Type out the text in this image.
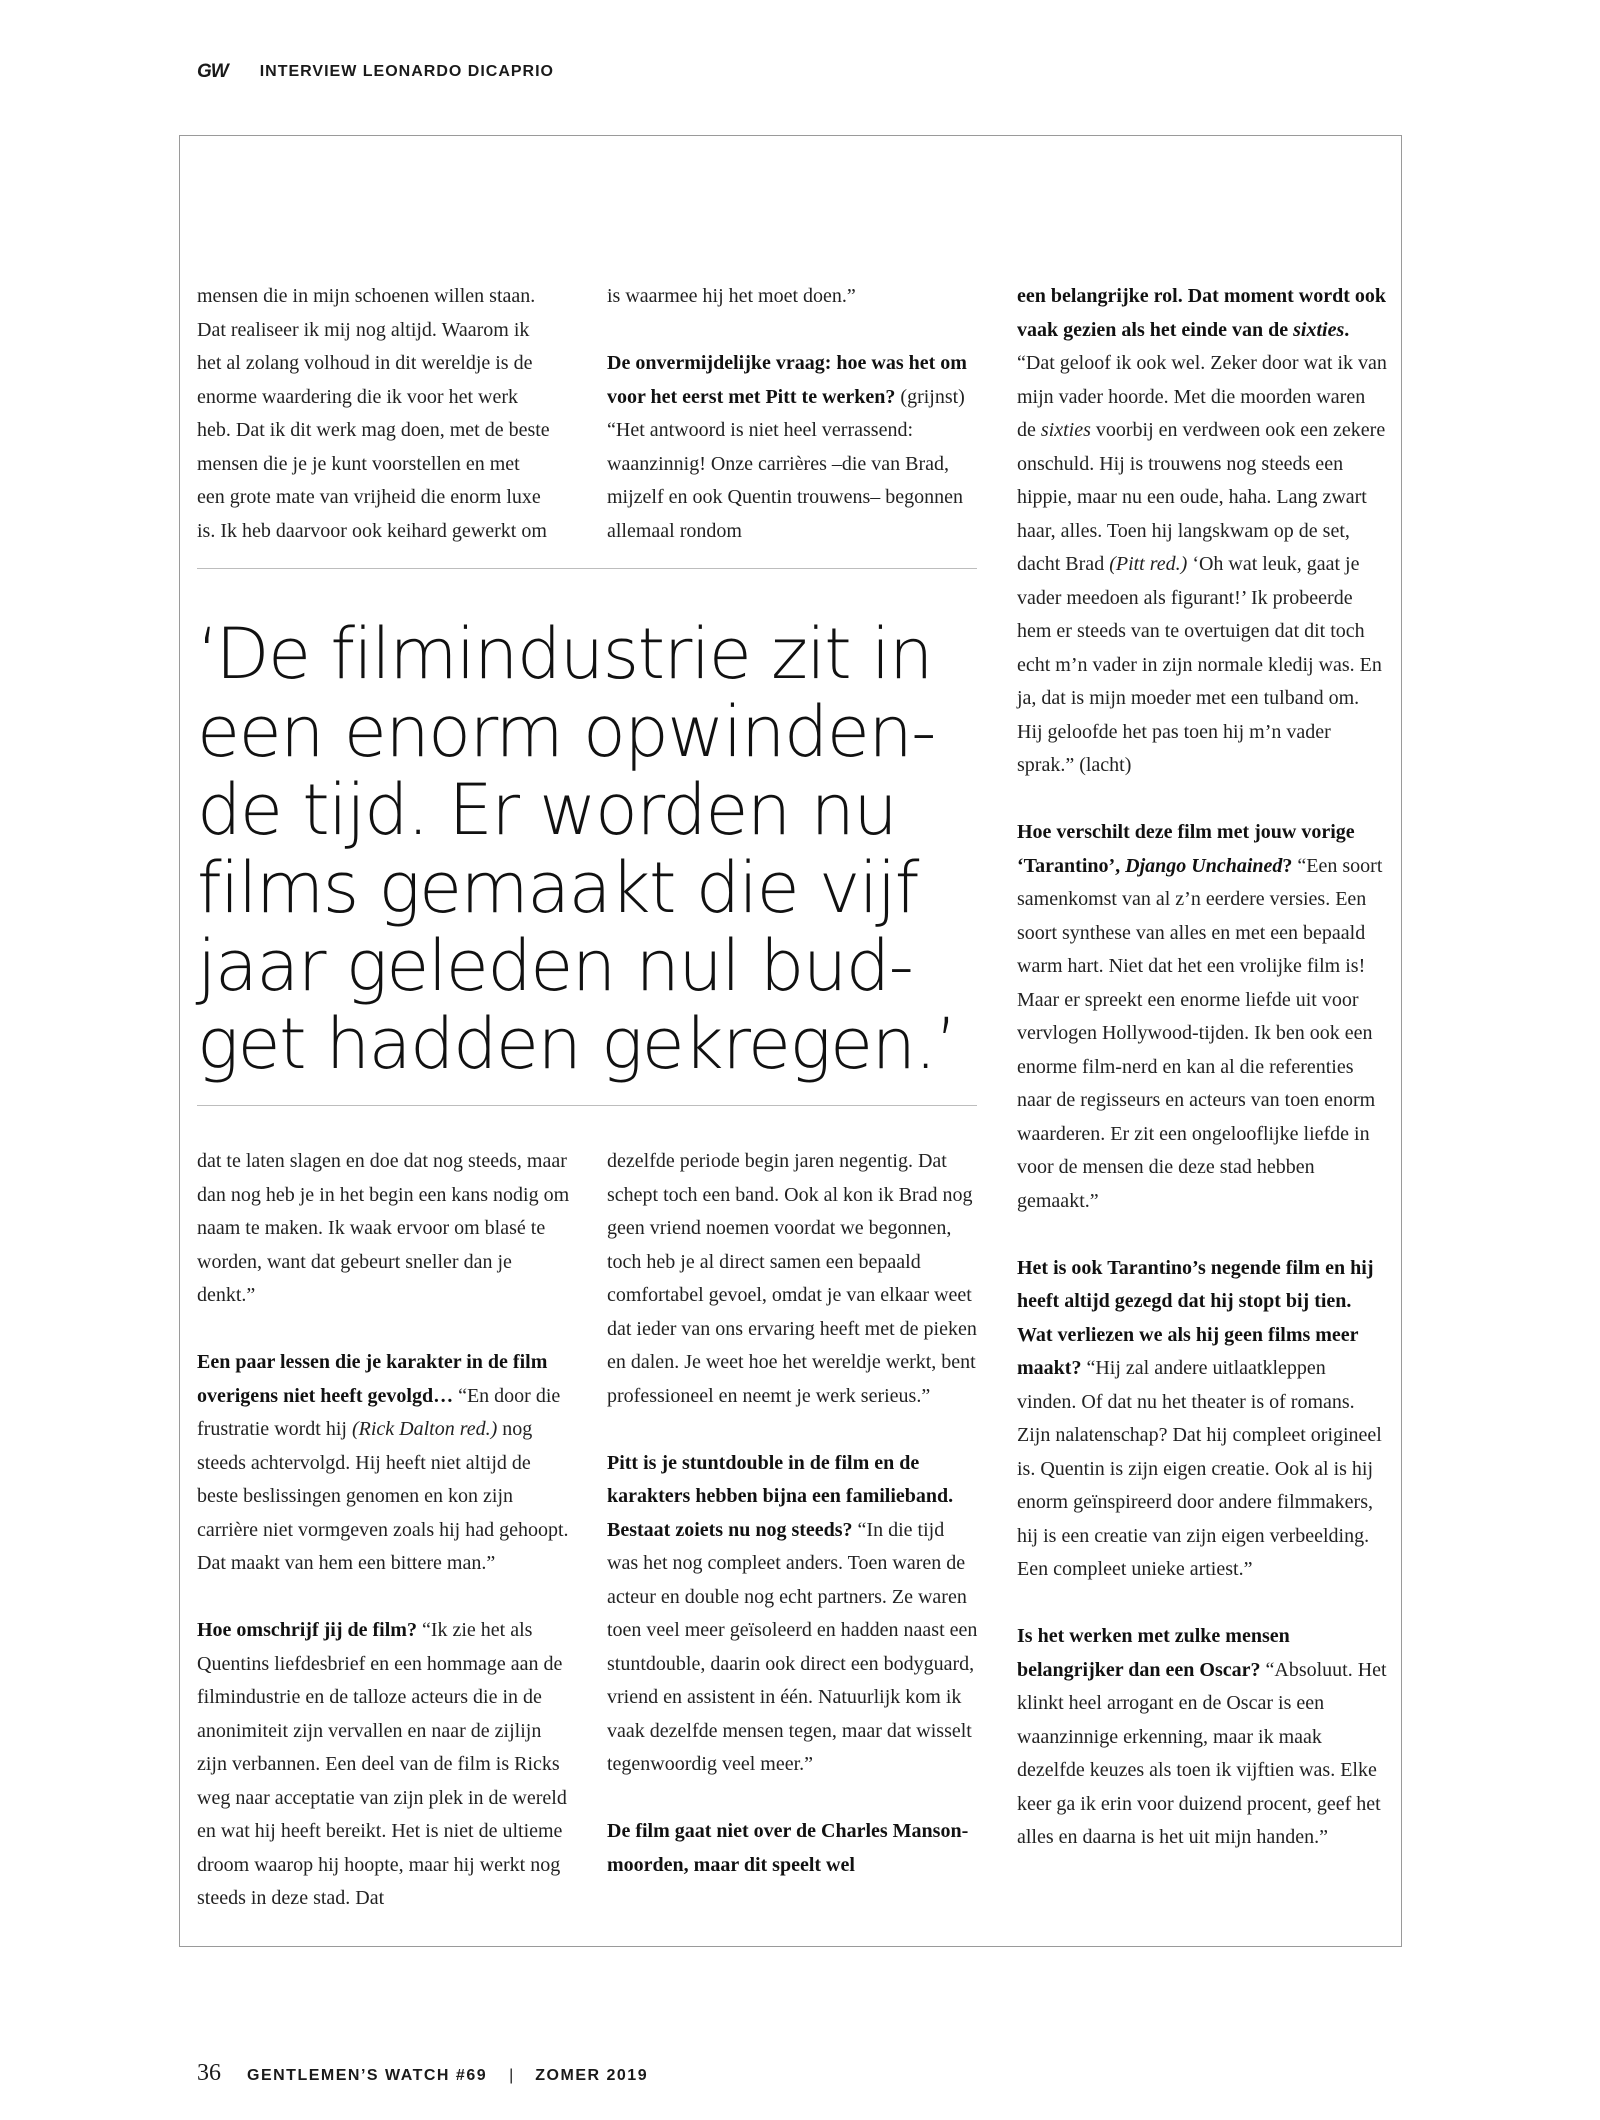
GW INTERVIEW LEONARDO DICAPRIO

mensen die in mijn schoenen willen staan.
Dat realiseer ik mij nog altijd. Waarom ik
het al zolang volhoud in dit wereldje is de
enorme waardering die ik voor het werk
heb. Dat ik dit werk mag doen, met de beste
mensen die je je kunt voorstellen en met
een grote mate van vrijheid die enorm luxe
is. Ik heb daarvoor ook keihard gewerkt om

is waarmee hij het moet doen.”

De onvermijdelijke vraag: hoe was het om voor het eerst met Pitt te werken? (grijnst) “Het antwoord is niet heel verrassend: waanzinnig! Onze carrières –die van Brad, mijzelf en ook Quentin trouwens– begonnen allemaal rondom

‘De filmindustrie zit in
een enorm opwinden-
de tijd. Er worden nu
films gemaakt die vijf
jaar geleden nul bud-
get hadden gekregen.’

dat te laten slagen en doe dat nog steeds, maar dan nog heb je in het begin een kans nodig om naam te maken. Ik waak ervoor om blasé te worden, want dat gebeurt sneller dan je denkt.”

Een paar lessen die je karakter in de film overigens niet heeft gevolgd… “En door die frustratie wordt hij (Rick Dalton red.) nog steeds achtervolgd. Hij heeft niet altijd de beste beslissingen genomen en kon zijn carrière niet vormgeven zoals hij had gehoopt. Dat maakt van hem een bittere man.”

Hoe omschrijf jij de film? “Ik zie het als Quentins liefdesbrief en een hommage aan de filmindustrie en de talloze acteurs die in de anonimiteit zijn vervallen en naar de zijlijn zijn verbannen. Een deel van de film is Ricks weg naar acceptatie van zijn plek in de wereld en wat hij heeft bereikt. Het is niet de ultieme droom waarop hij hoopte, maar hij werkt nog steeds in deze stad. Dat

dezelfde periode begin jaren negentig. Dat schept toch een band. Ook al kon ik Brad nog geen vriend noemen voordat we begonnen, toch heb je al direct samen een bepaald comfortabel gevoel, omdat je van elkaar weet dat ieder van ons ervaring heeft met de pieken en dalen. Je weet hoe het wereldje werkt, bent professioneel en neemt je werk serieus.”

Pitt is je stuntdouble in de film en de karakters hebben bijna een familieband. Bestaat zoiets nu nog steeds? “In die tijd was het nog compleet anders. Toen waren de acteur en double nog echt partners. Ze waren toen veel meer geïsoleerd en hadden naast een stuntdouble, daarin ook direct een bodyguard, vriend en assistent in één. Natuurlijk kom ik vaak dezelfde mensen tegen, maar dat wisselt tegenwoordig veel meer.”

De film gaat niet over de Charles Manson-moorden, maar dit speelt wel

een belangrijke rol. Dat moment wordt ook vaak gezien als het einde van de sixties. “Dat geloof ik ook wel. Zeker door wat ik van mijn vader hoorde. Met die moorden waren de sixties voorbij en verdween ook een zekere onschuld. Hij is trouwens nog steeds een hippie, maar nu een oude, haha. Lang zwart haar, alles. Toen hij langskwam op de set, dacht Brad (Pitt red.) ‘Oh wat leuk, gaat je vader meedoen als figurant!’ Ik probeerde hem er steeds van te overtuigen dat dit toch echt m’n vader in zijn normale kledij was. En ja, dat is mijn moeder met een tulband om. Hij geloofde het pas toen hij m’n vader sprak.” (lacht)

Hoe verschilt deze film met jouw vorige ‘Tarantino’, Django Unchained? “Een soort samenkomst van al z’n eerdere versies. Een soort synthese van alles en met een bepaald warm hart. Niet dat het een vrolijke film is! Maar er spreekt een enorme liefde uit voor vervlogen Hollywood-tijden. Ik ben ook een enorme film-nerd en kan al die referenties naar de regisseurs en acteurs van toen enorm waarderen. Er zit een ongelooflijke liefde in voor de mensen die deze stad hebben gemaakt.”

Het is ook Tarantino’s negende film en hij heeft altijd gezegd dat hij stopt bij tien. Wat verliezen we als hij geen films meer maakt? “Hij zal andere uitlaatkleppen vinden. Of dat nu het theater is of romans. Zijn nalatenschap? Dat hij compleet origineel is. Quentin is zijn eigen creatie. Ook al is hij enorm geïnspireerd door andere filmmakers, hij is een creatie van zijn eigen verbeelding. Een compleet unieke artiest.”

Is het werken met zulke mensen belangrijker dan een Oscar? “Absoluut. Het klinkt heel arrogant en de Oscar is een waanzinnige erkenning, maar ik maak dezelfde keuzes als toen ik vijftien was. Elke keer ga ik erin voor duizend procent, geef het alles en daarna is het uit mijn handen.”

36 GENTLEMEN’S WATCH #69 | ZOMER 2019
